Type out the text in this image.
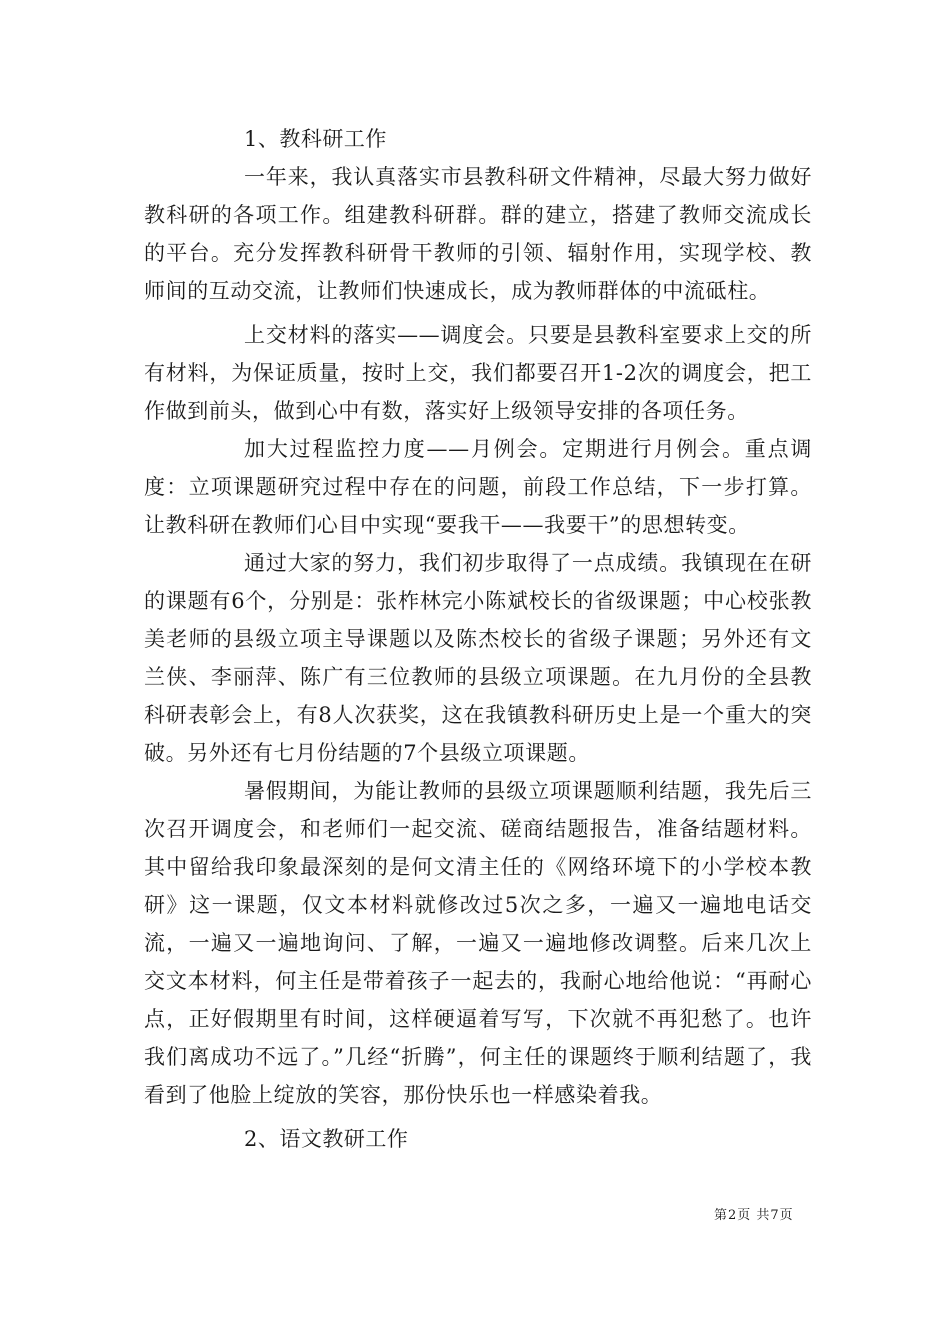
1、教科研工作

一年来，我认真落实市县教科研文件精神，尽最大努力做好教科研的各项工作。组建教科研群。群的建立，搭建了教师交流成长的平台。充分发挥教科研骨干教师的引领、辐射作用，实现学校、教师间的互动交流，让教师们快速成长，成为教师群体的中流砥柱。

上交材料的落实——调度会。只要是县教科室要求上交的所有材料，为保证质量，按时上交，我们都要召开1-2次的调度会，把工作做到前头，做到心中有数，落实好上级领导安排的各项任务。

加大过程监控力度——月例会。定期进行月例会。重点调度：立项课题研究过程中存在的问题，前段工作总结，下一步打算。让教科研在教师们心目中实现“要我干——我要干”的思想转变。

通过大家的努力，我们初步取得了一点成绩。我镇现在在研的课题有6个，分别是：张柞林完小陈斌校长的省级课题；中心校张教美老师的县级立项主导课题以及陈杰校长的省级子课题；另外还有文兰侠、李丽萍、陈广有三位教师的县级立项课题。在九月份的全县教科研表彰会上，有8人次获奖，这在我镇教科研历史上是一个重大的突破。另外还有七月份结题的7个县级立项课题。

暑假期间，为能让教师的县级立项课题顺利结题，我先后三次召开调度会，和老师们一起交流、磋商结题报告，准备结题材料。其中留给我印象最深刻的是何文清主任的《网络环境下的小学校本教研》这一课题，仅文本材料就修改过5次之多，一遍又一遍地电话交流，一遍又一遍地询问、了解，一遍又一遍地修改调整。后来几次上交文本材料，何主任是带着孩子一起去的，我耐心地给他说：“再耐心点，正好假期里有时间，这样硬逼着写写，下次就不再犯愁了。也许我们离成功不远了。”几经“折腾”，何主任的课题终于顺利结题了，我看到了他脸上绽放的笑容，那份快乐也一样感染着我。

2、语文教研工作

第2页 共7页
